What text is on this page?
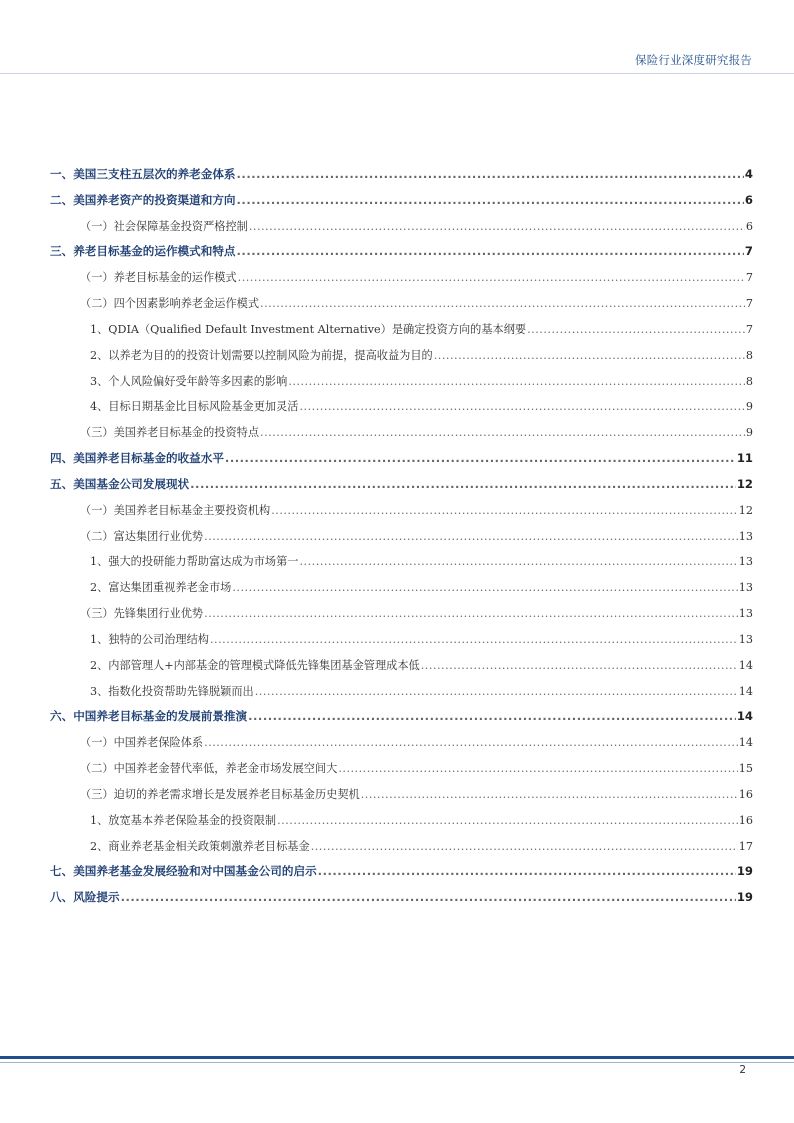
保险行业深度研究报告
一、美国三支柱五层次的养老金体系 .....	4
二、美国养老资产的投资渠道和方向 .....	6
（一）社会保障基金投资严格控制 .....	6
三、养老目标基金的运作模式和特点 .....	7
（一）养老目标基金的运作模式 .....	7
（二）四个因素影响养老金运作模式 .....	7
1、QDIA（Qualified Default Investment Alternative）是确定投资方向的基本纲要 .....	7
2、以养老为目的的投资计划需要以控制风险为前提，提高收益为目的 .....	8
3、个人风险偏好受年龄等多因素的影响 .....	8
4、目标日期基金比目标风险基金更加灵活 .....	9
（三）美国养老目标基金的投资特点 .....	9
四、美国养老目标基金的收益水平 .....	11
五、美国基金公司发展现状 .....	12
（一）美国养老目标基金主要投资机构 .....	12
（二）富达集团行业优势 .....	13
1、强大的投研能力帮助富达成为市场第一 .....	13
2、富达集团重视养老金市场 .....	13
（三）先锋集团行业优势 .....	13
1、独特的公司治理结构 .....	13
2、内部管理人+内部基金的管理模式降低先锋集团基金管理成本低 .....	14
3、指数化投资帮助先锋脱颖而出 .....	14
六、中国养老目标基金的发展前景推演 .....	14
（一）中国养老保险体系 .....	14
（二）中国养老金替代率低，养老金市场发展空间大 .....	15
（三）迫切的养老需求增长是发展养老目标基金历史契机 .....	16
1、放宽基本养老保险基金的投资限制 .....	16
2、商业养老基金相关政策刺激养老目标基金 .....	17
七、美国养老基金发展经验和对中国基金公司的启示 .....	19
八、风险提示 .....	19
2
